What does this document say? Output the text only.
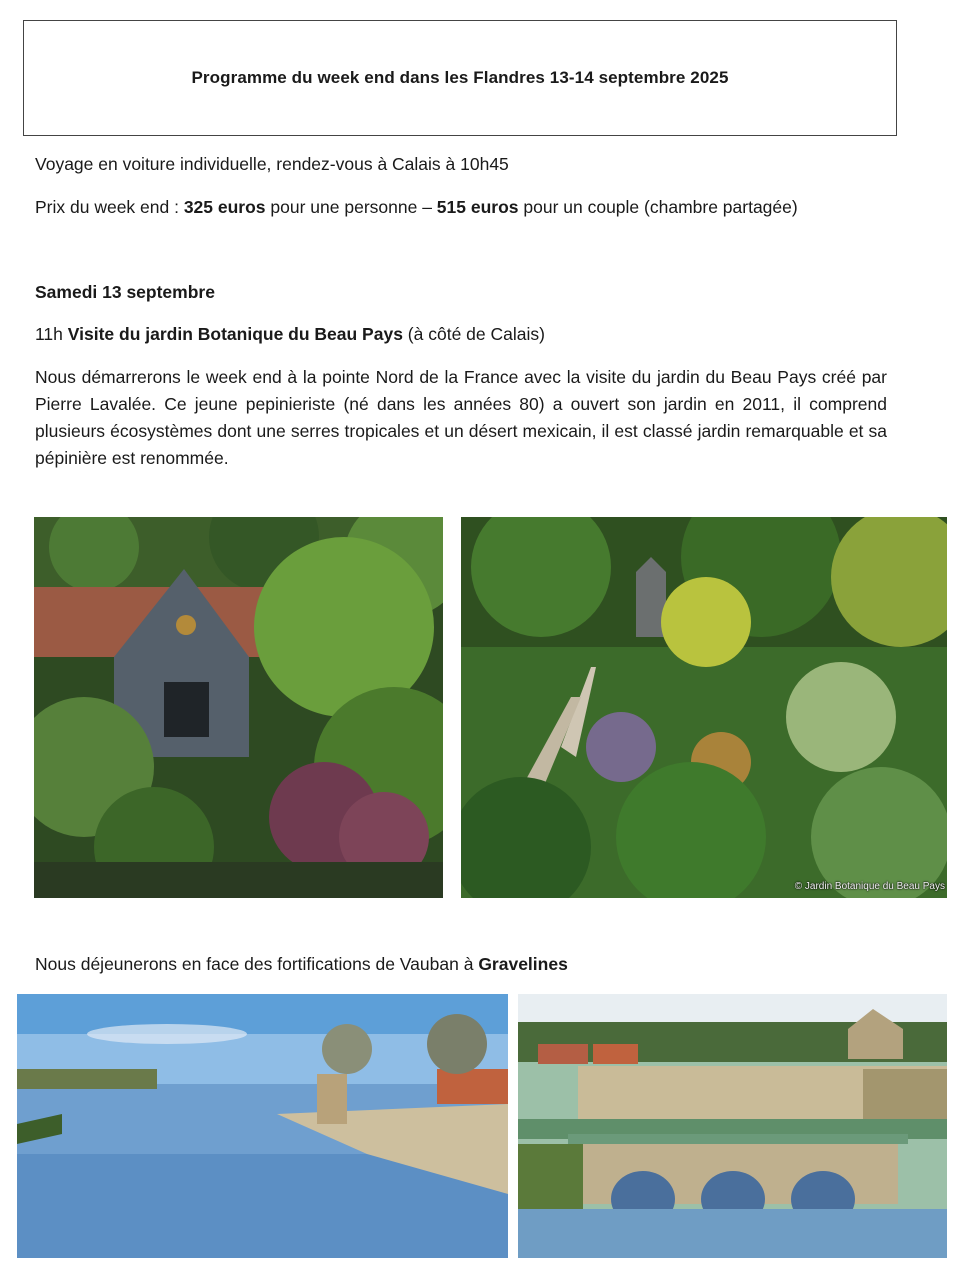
Programme du week end dans les Flandres 13-14 septembre 2025
Voyage en voiture individuelle, rendez-vous à Calais à 10h45
Prix du week end : 325 euros pour une personne – 515 euros pour un couple (chambre partagée)
Samedi 13 septembre
11h Visite du jardin Botanique du Beau Pays (à côté de Calais)

Nous démarrerons le week end à la pointe Nord de la France avec la visite du jardin du Beau Pays créé par Pierre Lavalée. Ce jeune pepinieriste (né dans les années 80) a ouvert son jardin en 2011, il comprend plusieurs écosystèmes dont une serres tropicales et un désert mexicain, il est classé jardin remarquable et sa pépinière est renommée.

© Jardin Botanique du Beau Pays
Nous déjeunerons en face des fortifications de Vauban à Gravelines
